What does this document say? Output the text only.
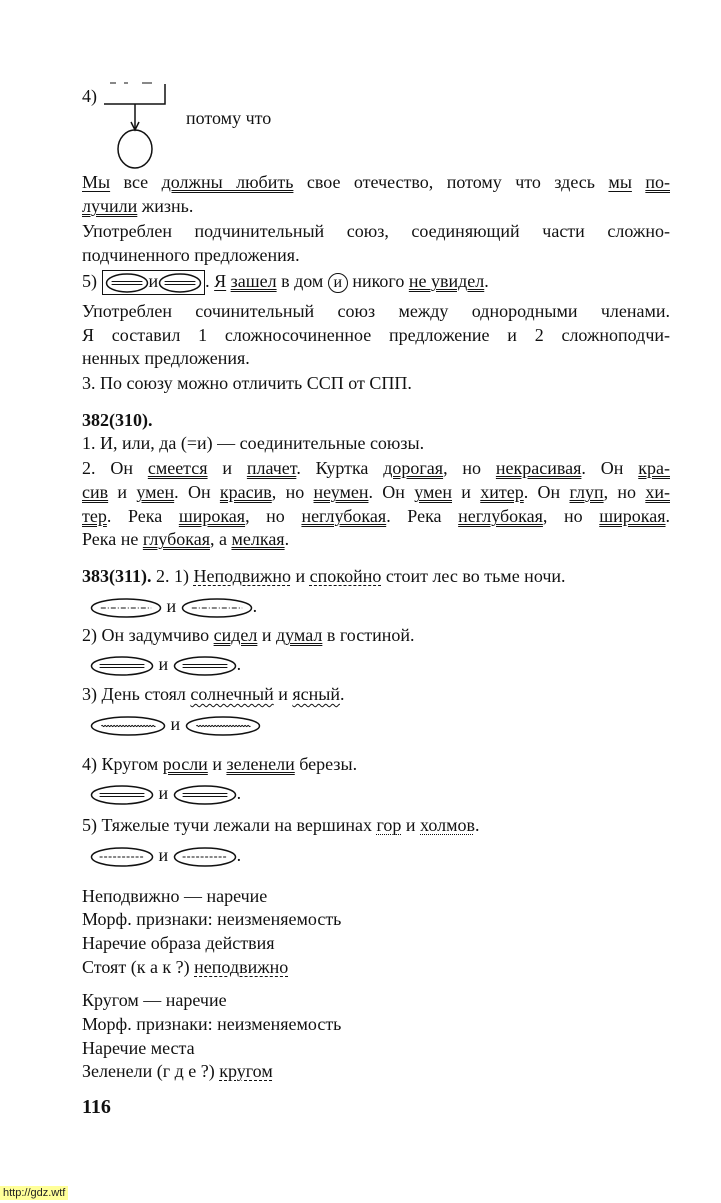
4)
потому что
Мы все должны любить свое отечество, потому что здесь мы по-
лучили жизнь.
Употреблен подчинительный союз, соединяющий части сложно-
подчиненного предложения.
5)	и	. Я зашел в дом и никого не увидел.
Употреблен сочинительный союз между однородными членами.
Я составил 1 сложносочиненное предложение и 2 сложноподчи-
ненных предложения.
3. По союзу можно отличить ССП от СПП.
382(310).
1. И, или, да (=и) — соединительные союзы.
2. Он смеется и плачет. Куртка дорогая, но некрасивая. Он кра-
сив и умен. Он красив, но неумен. Он умен и хитер. Он глуп, но хи-
тер. Река широкая, но неглубокая. Река неглубокая, но широкая.
Река не глубокая, а мелкая.
383(311). 2. 1) Неподвижно и спокойно стоит лес во тьме ночи.
и	.
2) Он задумчиво сидел и думал в гостиной.
и	.
3) День стоял солнечный и ясный.
и
4) Кругом росли и зеленели березы.
и	.
5) Тяжелые тучи лежали на вершинах гор и холмов.
и	.
Неподвижно — наречие
Морф. признаки: неизменяемость
Наречие образа действия
Стоят (к а к ?) неподвижно
Кругом — наречие
Морф. признаки: неизменяемость
Наречие места
Зеленели (г д е ?) кругом
116
http://gdz.wtf
